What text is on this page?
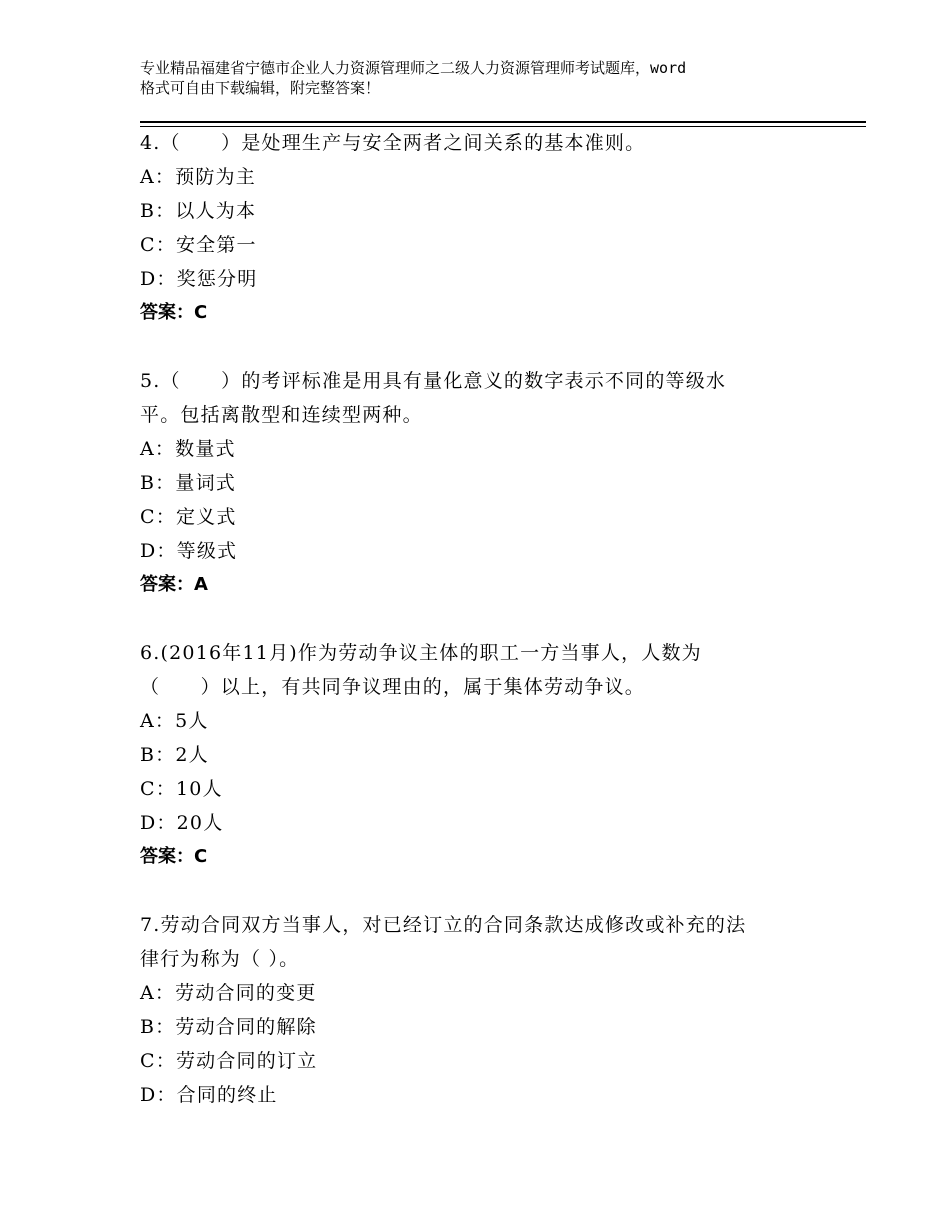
专业精品福建省宁德市企业人力资源管理师之二级人力资源管理师考试题库，word
格式可自由下载编辑，附完整答案！
4.（　　）是处理生产与安全两者之间关系的基本准则。
A：预防为主
B：以人为本
C：安全第一
D：奖惩分明
答案：C
5.（　　）的考评标准是用具有量化意义的数字表示不同的等级水
平。包括离散型和连续型两种。
A：数量式
B：量词式
C：定义式
D：等级式
答案：A
6.(2016年11月)作为劳动争议主体的职工一方当事人，人数为
（　　）以上，有共同争议理由的，属于集体劳动争议。
A：5人
B：2人
C：10人
D：20人
答案：C
7.劳动合同双方当事人，对已经订立的合同条款达成修改或补充的法
律行为称为（ ）。
A：劳动合同的变更
B：劳动合同的解除
C：劳动合同的订立
D：合同的终止
